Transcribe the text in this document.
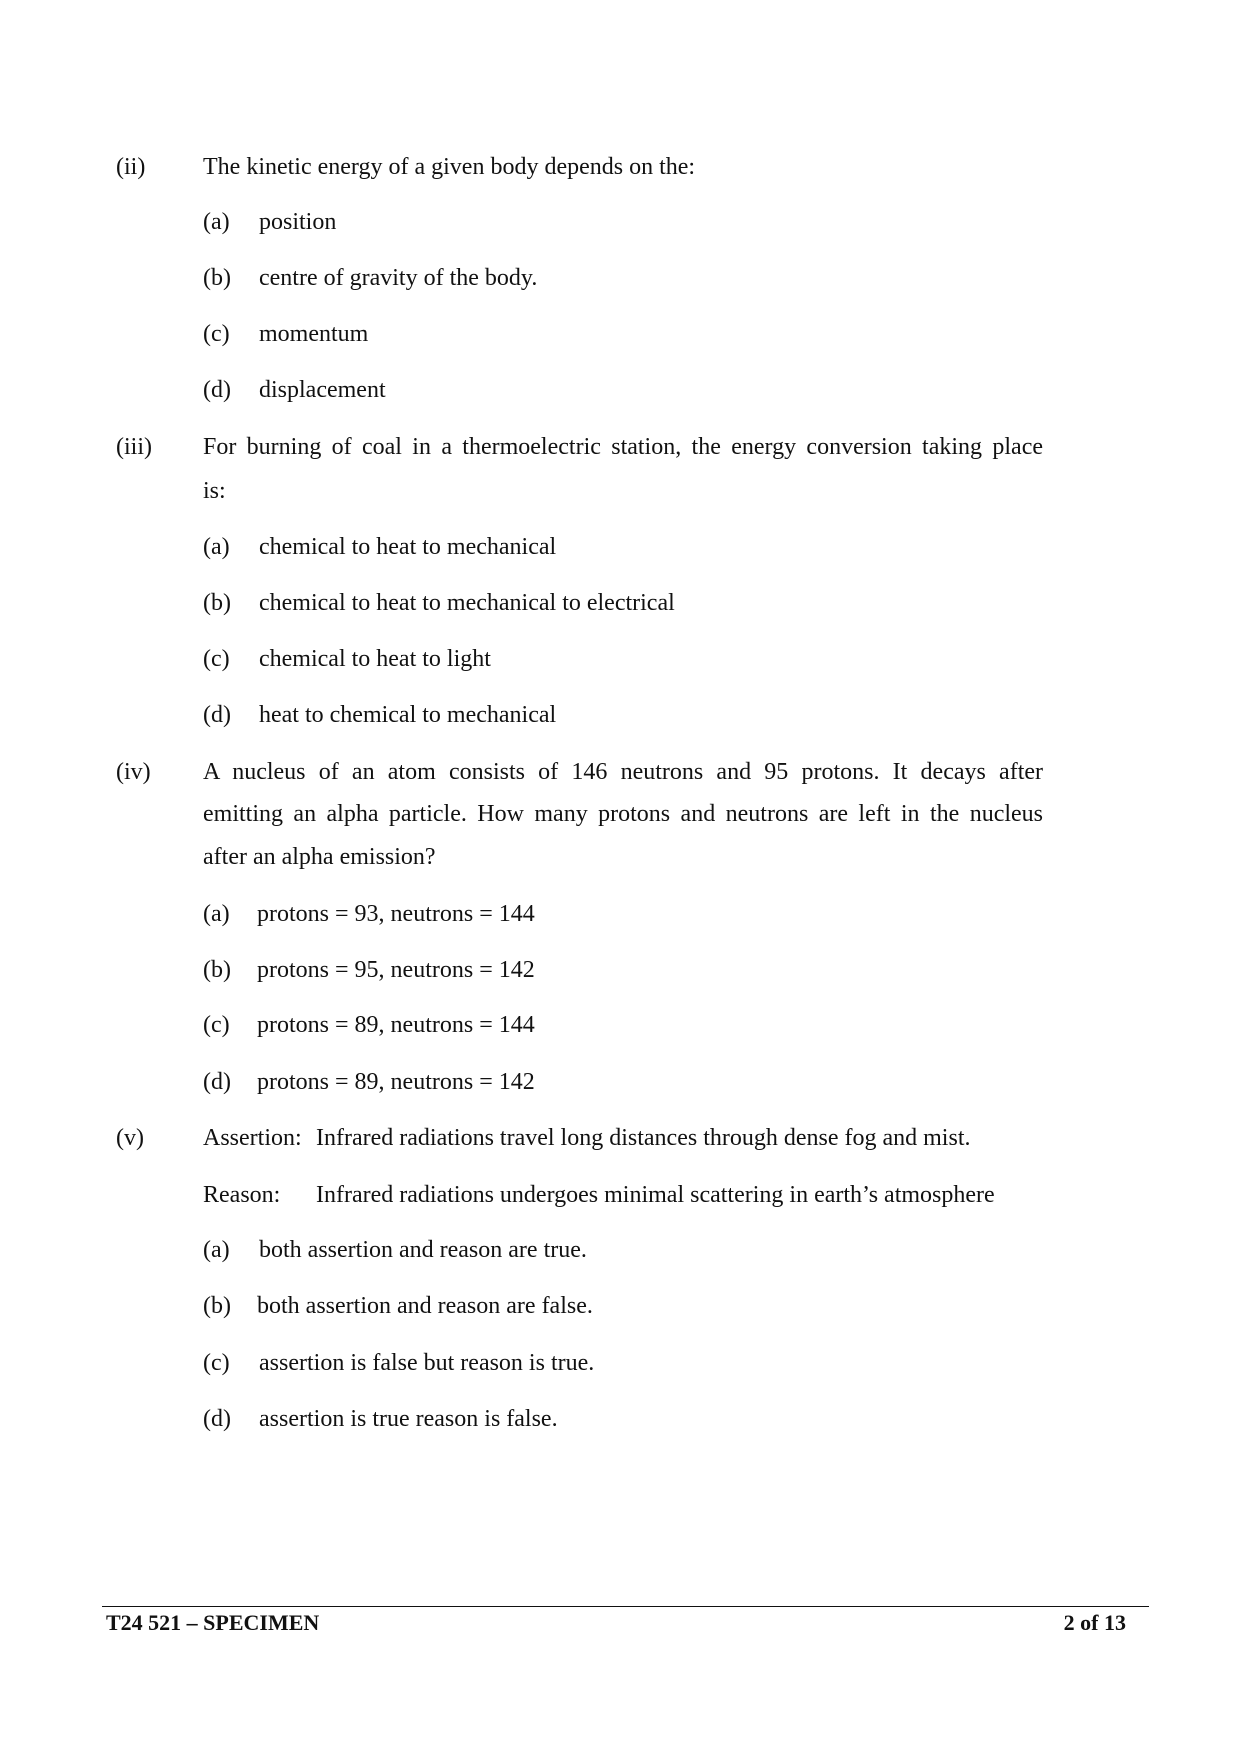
(ii) The kinetic energy of a given body depends on the:
(a) position
(b) centre of gravity of the body.
(c) momentum
(d) displacement
(iii) For burning of coal in a thermoelectric station, the energy conversion taking place
is:
(a) chemical to heat to mechanical
(b) chemical to heat to mechanical to electrical
(c) chemical to heat to light
(d) heat to chemical to mechanical
(iv) A nucleus of an atom consists of 146 neutrons and 95 protons. It decays after
emitting an alpha particle. How many protons and neutrons are left in the nucleus
after an alpha emission?
(a) protons = 93, neutrons = 144
(b) protons = 95, neutrons = 142
(c) protons = 89, neutrons = 144
(d) protons = 89, neutrons = 142
(v) Assertion: Infrared radiations travel long distances through dense fog and mist.
Reason: Infrared radiations undergoes minimal scattering in earth’s atmosphere
(a) both assertion and reason are true.
(b) both assertion and reason are false.
(c) assertion is false but reason is true.
(d) assertion is true reason is false.
T24 521 – SPECIMEN	2 of 13
